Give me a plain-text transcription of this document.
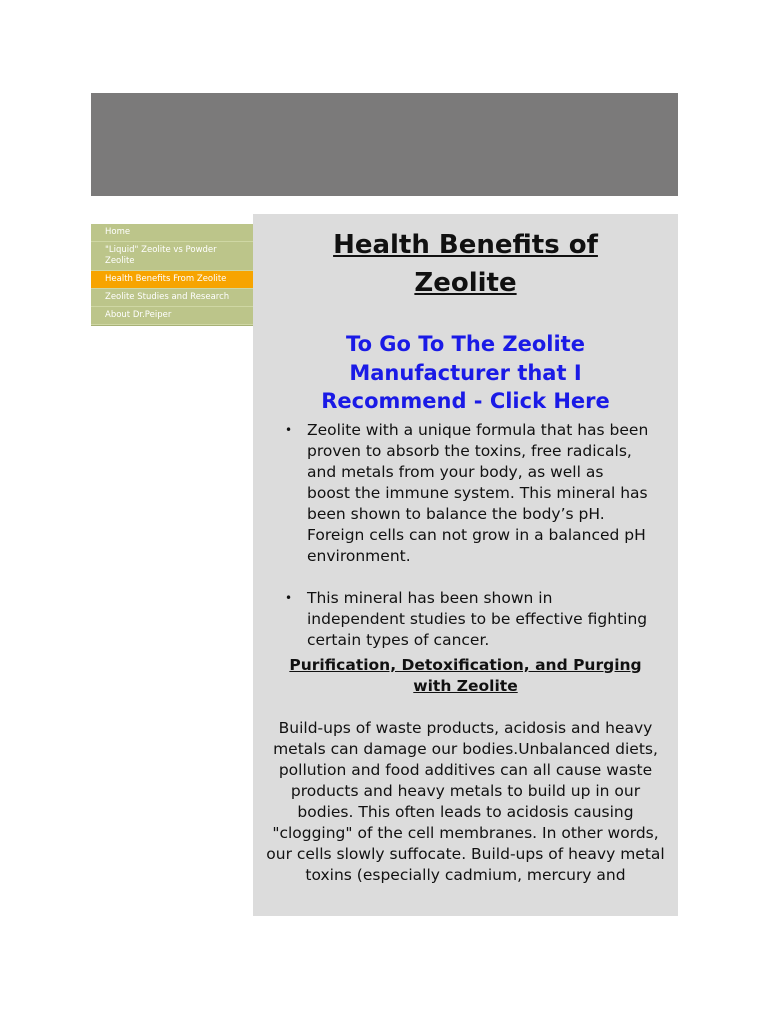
Home
"Liquid" Zeolite vs Powder Zeolite
Health Benefits From Zeolite
Zeolite Studies and Research
About Dr.Peiper
Health Benefits of Zeolite
To Go To The Zeolite Manufacturer that I Recommend - Click Here
• Zeolite with a unique formula that has been proven to absorb the toxins, free radicals, and metals from your body, as well as boost the immune system. This mineral has been shown to balance the body’s pH. Foreign cells can not grow in a balanced pH environment.
• This mineral has been shown in independent studies to be effective fighting certain types of cancer.
Purification, Detoxification, and Purging with Zeolite

Build-ups of waste products, acidosis and heavy metals can damage our bodies.Unbalanced diets, pollution and food additives can all cause waste products and heavy metals to build up in our bodies. This often leads to acidosis causing "clogging" of the cell membranes. In other words, our cells slowly suffocate. Build-ups of heavy metal toxins (especially cadmium, mercury and
